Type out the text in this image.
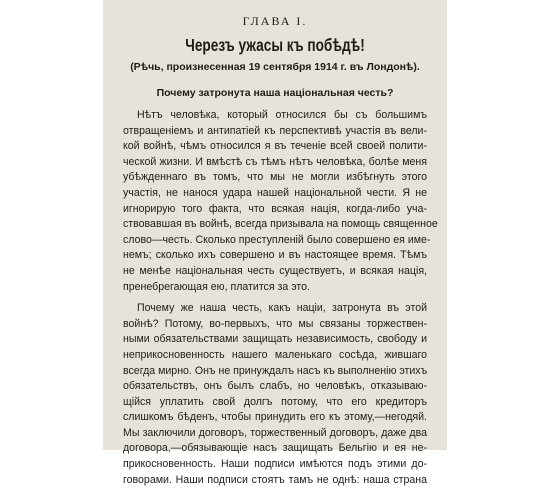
ГЛАВА I.
Черезъ ужасы къ побѣдѣ!
(Рѣчь, произнесенная 19 сентября 1914 г. въ Лондонѣ).
Почему затронута наша національная честь?
Нѣтъ человѣка, который относился бы съ большимъ
отвращеніемъ и антипатіей къ перспективѣ участія въ вели-
кой войнѣ, чѣмъ относился я въ теченіе всей своей полити-
ческой жизни. И вмѣстѣ съ тѣмъ нѣтъ человѣка, болѣе меня
убѣжденнаго въ томъ, что мы не могли избѣгнуть этого
участія, не нанося удара нашей національной чести. Я не
игнорирую того факта, что всякая нація, когда-либо уча-
ствовавшая въ войнѣ, всегда призывала на помощь священное
слово—честь. Сколько преступленій было совершено ея име-
немъ; сколько ихъ совершено и въ настоящее время. Тѣмъ
не менѣе національная честь существуетъ, и всякая нація,
пренебрегающая ею, платится за это.
Почему же наша честь, какъ націи, затронута въ этой
войнѣ? Потому, во-первыхъ, что мы связаны торжествен-
ными обязательствами защищать независимость, свободу и
неприкосновенность нашего маленькаго сосѣда, жившаго
всегда мирно. Онъ не принуждалъ насъ къ выполненію этихъ
обязательствъ, онъ былъ слабъ, но человѣкъ, отказываю-
щійся уплатить свой долгъ потому, что его кредиторъ
слишкомъ бѣденъ, чтобы принудить его къ этому,—негодяй.
Мы заключили договоръ, торжественный договоръ, даже два
договора,—обязывающіе насъ защищать Бельгію и ея не-
прикосновенность. Наши подписи имѣются подъ этими до-
говорами. Наши подписи стоятъ тамъ не однѣ: наша страна
